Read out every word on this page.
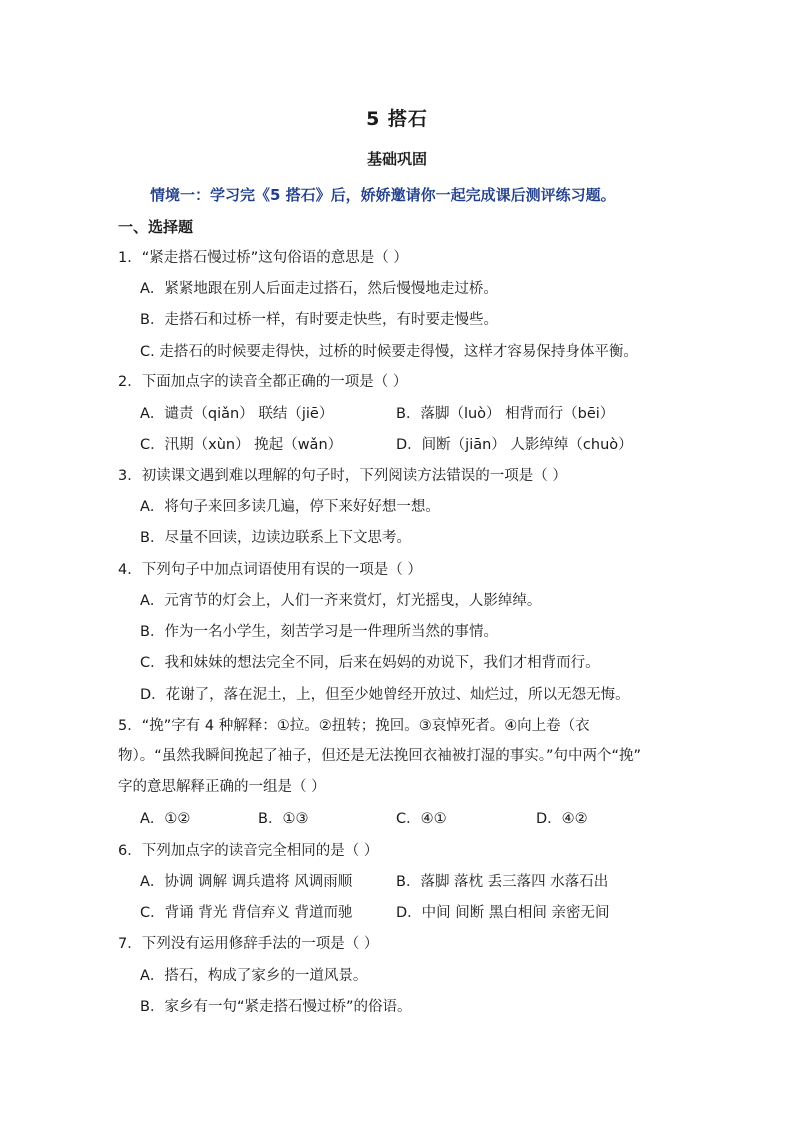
5 搭石
基础巩固
情境一：学习完《5 搭石》后，娇娇邀请你一起完成课后测评练习题。
一、选择题
1．“紧走搭石慢过桥”这句俗语的意思是（ ）
A．紧紧地跟在别人后面走过搭石，然后慢慢地走过桥。
B．走搭石和过桥一样，有时要走快些，有时要走慢些。
C. 走搭石的时候要走得快，过桥的时候要走得慢，这样才容易保持身体平衡。
2．下面加点字的读音全都正确的一项是（ ）
A．谴责（qiǎn） 联结（jiē）	B．落脚（luò） 相背而行（bēi）
C．汛期（xùn） 挽起（wǎn）	D．间断（jiān） 人影绰绰（chuò）
3．初读课文遇到难以理解的句子时，下列阅读方法错误的一项是（ ）
A．将句子来回多读几遍，停下来好好想一想。
B．尽量不回读，边读边联系上下文思考。
4．下列句子中加点词语使用有误的一项是（ ）
A．元宵节的灯会上，人们一齐来赏灯，灯光摇曳，人影绰绰。
B．作为一名小学生，刻苦学习是一件理所当然的事情。
C．我和妹妹的想法完全不同，后来在妈妈的劝说下，我们才相背而行。
D．花谢了，落在泥土，上，但至少她曾经开放过、灿烂过，所以无怨无悔。
5．“挽”字有 4 种解释：①拉。②扭转；挽回。③哀悼死者。④向上卷（衣
物）。“虽然我瞬间挽起了袖子，但还是无法挽回衣袖被打湿的事实。”句中两个“挽”
字的意思解释正确的一组是（ ）
A．①②	B．①③	C．④①	D．④②
6．下列加点字的读音完全相同的是（ ）
A．协调 调解 调兵遣将 风调雨顺	B．落脚 落枕 丢三落四 水落石出
C．背诵 背光 背信弃义 背道而驰	D．中间 间断 黑白相间 亲密无间
7．下列没有运用修辞手法的一项是（ ）
A．搭石，构成了家乡的一道风景。
B．家乡有一句“紧走搭石慢过桥”的俗语。
